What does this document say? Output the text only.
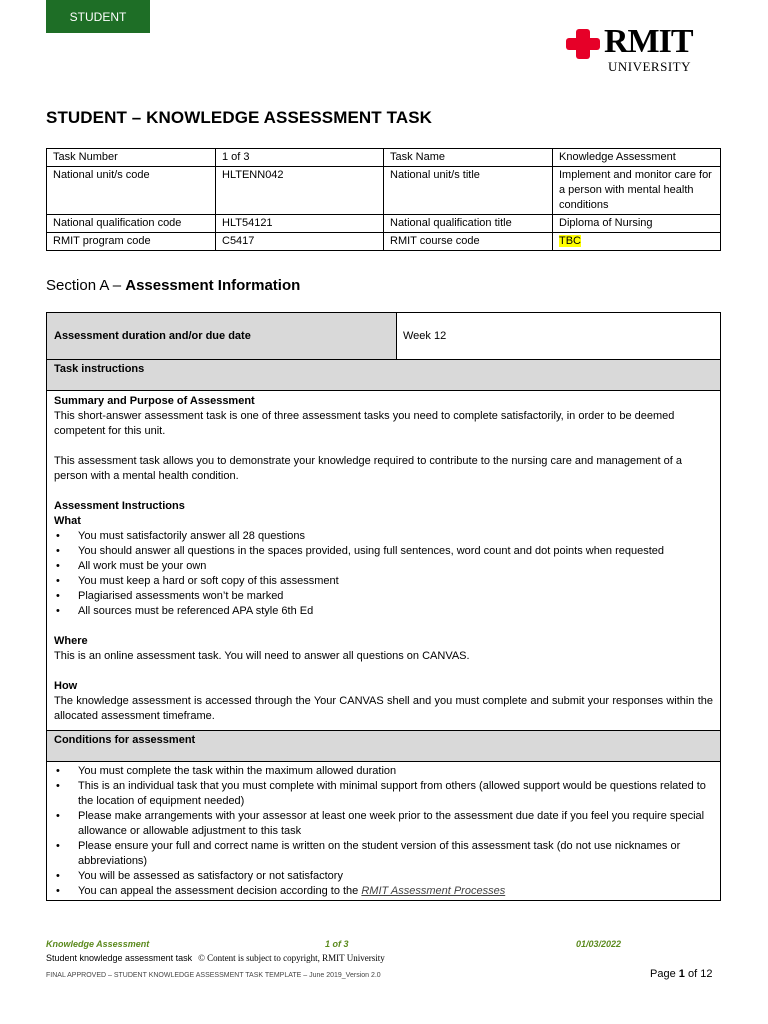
STUDENT
RMIT
UNIVERSITY
STUDENT – KNOWLEDGE ASSESSMENT TASK
Task Number	1 of 3	Task Name	Knowledge Assessment
National unit/s code	HLTENN042	National unit/s title	Implement and monitor care for a person with mental health conditions
National qualification code	HLT54121	National qualification title	Diploma of Nursing
RMIT program code	C5417	RMIT course code	TBC
Section A – Assessment Information
Assessment duration and/or due date	Week 12
Task instructions

Summary and Purpose of Assessment

This short-answer assessment task is one of three assessment tasks you need to complete satisfactorily, in order to be deemed competent for this unit.

This assessment task allows you to demonstrate your knowledge required to contribute to the nursing care and management of a person with a mental health condition.

Assessment Instructions

What

• You must satisfactorily answer all 28 questions
• You should answer all questions in the spaces provided, using full sentences, word count and dot points when requested
• All work must be your own
• You must keep a hard or soft copy of this assessment
• Plagiarised assessments won’t be marked
• All sources must be referenced APA style 6th Ed

Where

This is an online assessment task. You will need to answer all questions on CANVAS.

How

The knowledge assessment is accessed through the Your CANVAS shell and you must complete and submit your responses within the allocated assessment timeframe.

Conditions for assessment
• You must complete the task within the maximum allowed duration
• This is an individual task that you must complete with minimal support from others (allowed support would be questions related to the location of equipment needed)
• Please make arrangements with your assessor at least one week prior to the assessment due date if you feel you require special allowance or allowable adjustment to this task
• Please ensure your full and correct name is written on the student version of this assessment task (do not use nicknames or abbreviations)
• You will be assessed as satisfactory or not satisfactory
• You can appeal the assessment decision according to the RMIT Assessment Processes
Knowledge Assessment	1 of 3	01/03/2022
Student knowledge assessment task © Content is subject to copyright, RMIT University
FINAL APPROVED – STUDENT KNOWLEDGE ASSESSMENT TASK TEMPLATE – June 2019_Version 2.0	Page 1 of 12
